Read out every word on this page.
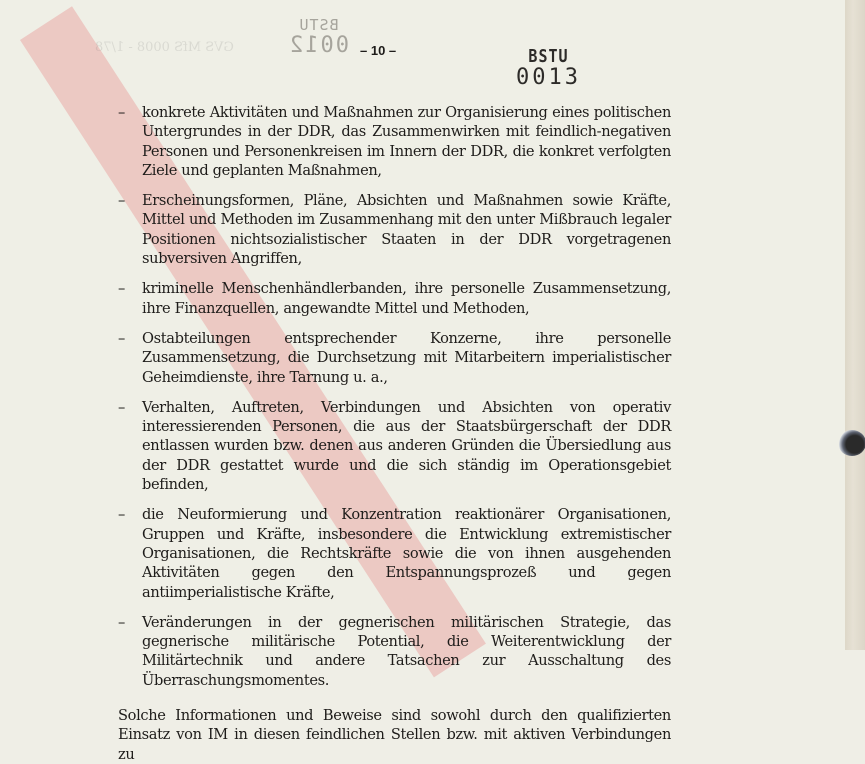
GVS MfS 0008 - 1/78
BSTU
0012 – 10 –	BSTU
0013
–	konkrete Aktivitäten und Maßnahmen zur Organisierung eines politischen Untergrundes in der DDR, das Zusammenwirken mit feindlich-negativen Personen und Personenkreisen im Innern der DDR, die konkret verfolgten Ziele und geplanten Maßnahmen,
–	Erscheinungsformen, Pläne, Absichten und Maßnahmen sowie Kräfte, Mittel und Methoden im Zusammenhang mit den unter Mißbrauch legaler Positionen nichtsozialistischer Staaten in der DDR vorgetragenen subversiven Angriffen,
–	kriminelle Menschenhändlerbanden, ihre personelle Zusammensetzung, ihre Finanzquellen, angewandte Mittel und Methoden,
–	Ostabteilungen entsprechender Konzerne, ihre personelle Zusammensetzung, die Durchsetzung mit Mitarbeitern imperialistischer Geheimdienste, ihre Tarnung u. a.,
–	Verhalten, Auftreten, Verbindungen und Absichten von operativ interessierenden Personen, die aus der Staatsbürgerschaft der DDR entlassen wurden bzw. denen aus anderen Gründen die Übersiedlung aus der DDR gestattet wurde und die sich ständig im Operationsgebiet befinden,
–	die Neuformierung und Konzentration reaktionärer Organisationen, Gruppen und Kräfte, insbesondere die Entwicklung extremistischer Organisationen, die Rechtskräfte sowie die von ihnen ausgehenden Aktivitäten gegen den Entspannungsprozeß und gegen antiimperialistische Kräfte,
–	Veränderungen in der gegnerischen militärischen Strategie, das gegnerische militärische Potential, die Weiterentwicklung der Militärtechnik und andere Tatsachen zur Ausschaltung des Überraschungsmomentes.
Solche Informationen und Beweise sind sowohl durch den qualifizierten Einsatz von IM in diesen feindlichen Stellen bzw. mit aktiven Verbindungen zu
